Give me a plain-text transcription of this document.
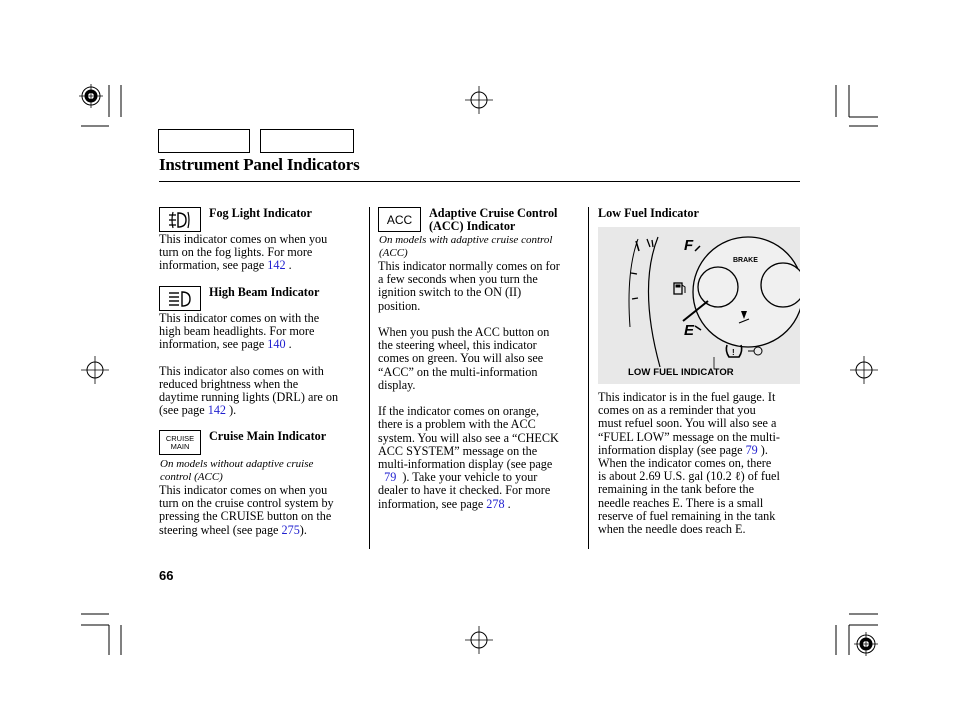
Instrument Panel Indicators
Fog Light Indicator
This indicator comes on when you
turn on the fog lights. For more
information, see page 142 .
High Beam Indicator
This indicator comes on with the
high beam headlights. For more
information, see page 140 .
This indicator also comes on with
reduced brightness when the
daytime running lights (DRL) are on
(see page 142 ).
CRUISE
MAIN
Cruise Main Indicator
On models without adaptive cruise
control (ACC)
This indicator comes on when you
turn on the cruise control system by
pressing the CRUISE button on the
steering wheel (see page 275).
ACC Adaptive Cruise Control
(ACC) Indicator
On models with adaptive cruise control
(ACC)
This indicator normally comes on for
a few seconds when you turn the
ignition switch to the ON (II)
position.
When you push the ACC button on
the steering wheel, this indicator
comes on green. You will also see
“ACC” on the multi-information
display.
If the indicator comes on orange,
there is a problem with the ACC
system. You will also see a “CHECK
ACC SYSTEM” message on the
multi-information display (see page
79 ). Take your vehicle to your
dealer to have it checked. For more
information, see page 278 .
Low Fuel Indicator
F
E
BRAKE
!
LOW FUEL INDICATOR
This indicator is in the fuel gauge. It
comes on as a reminder that you
must refuel soon. You will also see a
“FUEL LOW” message on the multi-
information display (see page 79 ).
When the indicator comes on, there
is about 2.69 U.S. gal (10.2 ℓ) of fuel
remaining in the tank before the
needle reaches E. There is a small
reserve of fuel remaining in the tank
when the needle does reach E.
66
